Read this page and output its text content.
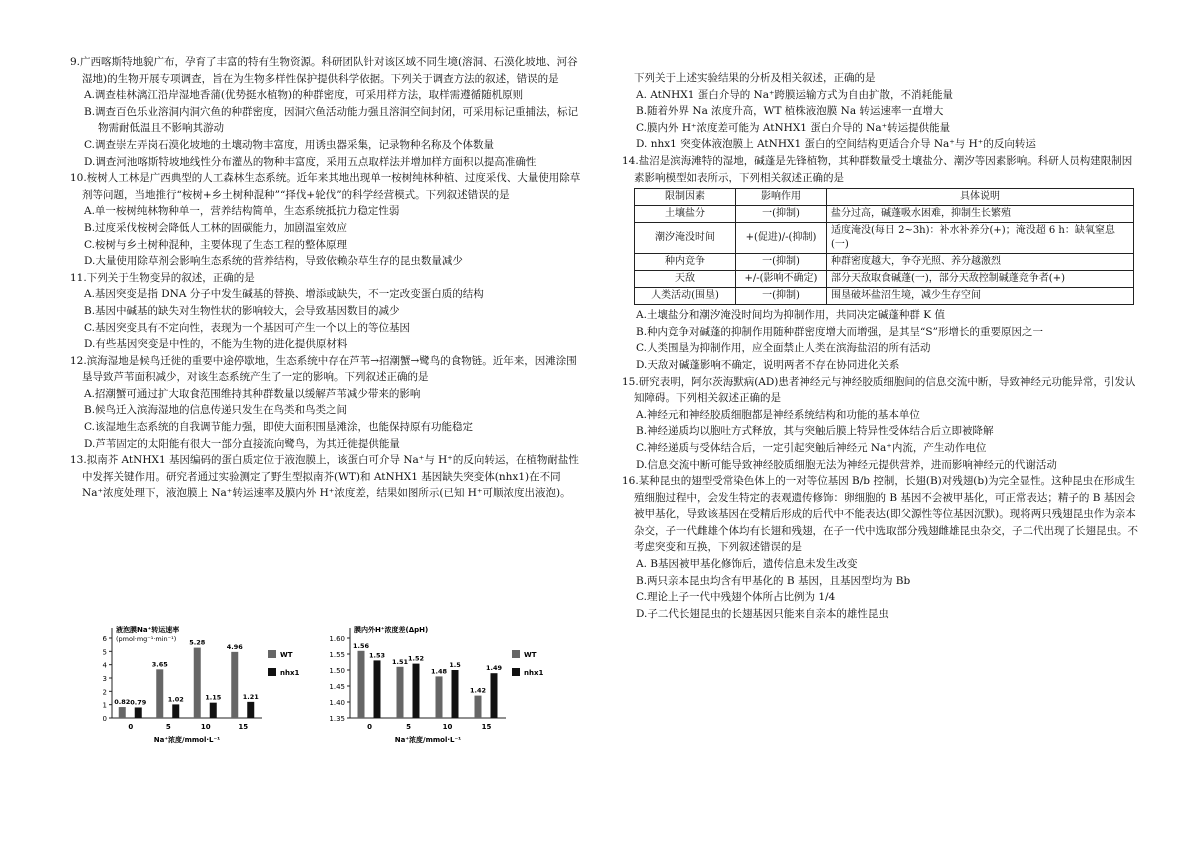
9.广西喀斯特地貌广布，孕育了丰富的特有生物资源。科研团队针对该区域不同生境(溶洞、石漠化坡地、河谷湿地)的生物开展专项调查，旨在为生物多样性保护提供科学依据。下列关于调查方法的叙述，错误的是

A.调查桂林漓江沿岸湿地香蒲(优势挺水植物)的种群密度，可采用样方法，取样需遵循随机原则

B.调查百色乐业溶洞内洞穴鱼的种群密度，因洞穴鱼活动能力强且溶洞空间封闭，可采用标记重捕法，标记物需耐低温且不影响其游动

C.调查崇左弄岗石漠化坡地的土壤动物丰富度，用诱虫器采集，记录物种名称及个体数量

D.调查河池喀斯特坡地线性分布灌丛的物种丰富度，采用五点取样法并增加样方面积以提高准确性

10.桉树人工林是广西典型的人工森林生态系统。近年来其地出现单一桉树纯林种植、过度采伐、大量使用除草剂等问题，当地推行“桉树+乡土树种混种”“择伐+轮伐”的科学经营模式。下列叙述错误的是

A.单一桉树纯林物种单一，营养结构简单，生态系统抵抗力稳定性弱

B.过度采伐桉树会降低人工林的固碳能力，加剧温室效应

C.桉树与乡土树种混种，主要体现了生态工程的整体原理

D.大量使用除草剂会影响生态系统的营养结构，导致依赖杂草生存的昆虫数量减少

11.下列关于生物变异的叙述，正确的是

A.基因突变是指 DNA 分子中发生碱基的替换、增添或缺失，不一定改变蛋白质的结构

B.基因中碱基的缺失对生物性状的影响较大，会导致基因数目的减少

C.基因突变具有不定向性，表现为一个基因可产生一个以上的等位基因

D.有些基因突变是中性的，不能为生物的进化提供原材料

12.滨海湿地是候鸟迁徙的重要中途停歇地，生态系统中存在芦苇→招潮蟹→鹭鸟的食物链。近年来，因滩涂围垦导致芦苇面积减少，对该生态系统产生了一定的影响。下列叙述正确的是

A.招潮蟹可通过扩大取食范围维持其种群数量以缓解芦苇减少带来的影响

B.候鸟迁入滨海湿地的信息传递只发生在鸟类和鸟类之间

C.该湿地生态系统的自我调节能力强，即使大面积围垦滩涂，也能保持原有功能稳定

D.芦苇固定的太阳能有很大一部分直接流向鹭鸟，为其迁徙提供能量

13.拟南芥 AtNHX1 基因编码的蛋白质定位于液泡膜上，该蛋白可介导 Na⁺与 H⁺的反向转运，在植物耐盐性中发挥关键作用。研究者通过实验测定了野生型拟南芥(WT)和 AtNHX1 基因缺失突变体(nhx1)在不同 Na⁺浓度处理下，液泡膜上 Na⁺转运速率及膜内外 H⁺浓度差，结果如图所示(已知 H⁺可顺浓度出液泡)。

0
1
2
3
4
5
6
液泡膜Na⁺转运速率
(pmol·mg⁻¹·min⁻¹)
0
0.82 0.79
5
3.65
1.02
10
5.28
1.15
15
4.96
1.21
Na⁺浓度/mmol·L⁻¹
WT
nhx1
1.35
1.40
1.45
1.50
1.55
1.60
膜内外H⁺浓度差(ΔpH)
0
1.56
1.53
5
1.51 1.52
10
1.48
1.5
15
1.42
1.49
Na⁺浓度/mmol·L⁻¹
WT
nhx1

下列关于上述实验结果的分析及相关叙述，正确的是

A. AtNHX1 蛋白介导的 Na⁺跨膜运输方式为自由扩散，不消耗能量

B.随着外界 Na 浓度升高，WT 植株液泡膜 Na 转运速率一直增大

C.膜内外 H⁺浓度差可能为 AtNHX1 蛋白介导的 Na⁺转运提供能量

D. nhx1 突变体液泡膜上 AtNHX1 蛋白的空间结构更适合介导 Na⁺与 H⁺的反向转运

14.盐沼是滨海滩特的湿地，碱蓬是先锋植物，其种群数量受土壤盐分、潮汐等因素影响。科研人员构建限制因素影响模型如表所示，下列相关叙述正确的是

限制因素	影响作用	具体说明
土壤盐分	一(抑制)	盐分过高，碱蓬吸水困难，抑制生长繁殖
潮汐淹没时间	+(促进)/-(抑制)	适度淹没(每日 2~3h)：补水补养分(+)；淹没超 6 h：缺氧窒息(一)
种内竞争	一(抑制)	种群密度越大，争夺光照、养分越激烈
天敌	+/-(影响不确定)	部分天敌取食碱蓬(一)，部分天敌控制碱蓬竞争者(+)
人类活动(围垦)	一(抑制)	围垦破坏盐沼生境，减少生存空间

A.土壤盐分和潮汐淹没时间均为抑制作用，共同决定碱蓬种群 K 值

B.种内竞争对碱蓬的抑制作用随种群密度增大而增强，是其呈“S”形增长的重要原因之一

C.人类围垦为抑制作用，应全面禁止人类在滨海盐沼的所有活动

D.天敌对碱蓬影响不确定，说明两者不存在协同进化关系

15.研究表明，阿尔茨海默病(AD)患者神经元与神经胶质细胞间的信息交流中断，导致神经元功能异常，引发认知障碍。下列相关叙述正确的是

A.神经元和神经胶质细胞都是神经系统结构和功能的基本单位

B.神经递质均以胞吐方式释放，其与突触后膜上特异性受体结合后立即被降解

C.神经递质与受体结合后，一定引起突触后神经元 Na⁺内流，产生动作电位

D.信息交流中断可能导致神经胶质细胞无法为神经元提供营养，进而影响神经元的代谢活动

16.某种昆虫的翅型受常染色体上的一对等位基因 B/b 控制，长翅(B)对残翅(b)为完全显性。这种昆虫在形成生殖细胞过程中，会发生特定的表观遗传修饰：卵细胞的 B 基因不会被甲基化，可正常表达；精子的 B 基因会被甲基化，导致该基因在受精后形成的后代中不能表达(即父源性等位基因沉默)。现将两只残翅昆虫作为亲本杂交，子一代雌雄个体均有长翅和残翅，在子一代中选取部分残翅雌雄昆虫杂交，子二代出现了长翅昆虫。不考虑突变和互换，下列叙述错误的是

A. B基因被甲基化修饰后，遗传信息未发生改变

B.两只亲本昆虫均含有甲基化的 B 基因，且基因型均为 Bb

C.理论上子一代中残翅个体所占比例为 1/4

D.子二代长翅昆虫的长翅基因只能来自亲本的雄性昆虫
